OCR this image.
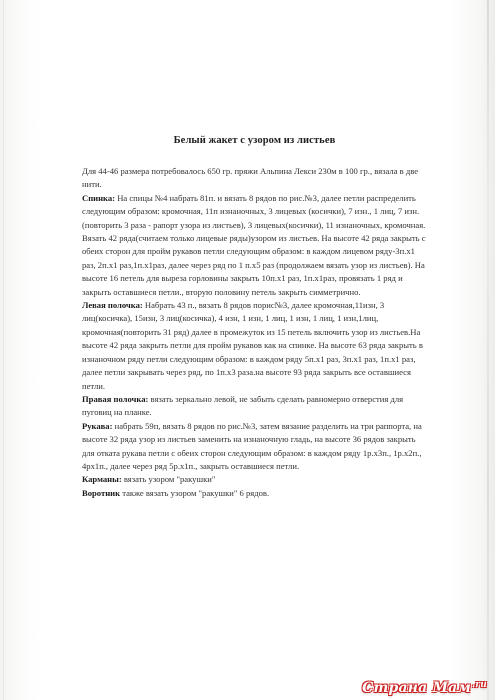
Белый жакет с узором из листьев

Для 44-46 размера потребовалось 650 гр. пряжи Альпина Лекси 230м в 100 гр., вязала в две нити.

Спинка: На спицы №4 набрать 81п. и вязать 8 рядов по рис.№3, далее петли распределить следующим образом: кромочная, 11п изнаночных, 3 лицевых (косички), 7 изн., 1 лиц, 7 изн. (повторить 3 раза - рапорт узора из листьев), 3 лицевых(косички), 11 изнаночных, кромочная. Вязать 42 ряда(считаем только лицевые ряды)узором из листьев. На высоте 42 ряда закрыть с обеих сторон для пройм рукавов петли следующим образом: в каждом лицевом ряду-3п.х1 раз, 2п.х1 раз,1п.х1раз, далее через ряд по 1 п.х5 раз (продолжаем вязать узор из листьев). На высоте 16 петель для выреза горловины закрыть 10п.х1 раз, 1п.х1раз, провязать 1 ряд и закрыть оставшиеся петли., вторую половину петель закрыть симметрично.

Левая полочка: Набрать 43 п., вязать 8 рядов порис№3, далее кромочная,11изн, 3 лиц(косичка), 15изн, 3 лиц(косичка), 4 изн, 1 изн, 1 лиц, 1 изн, 1 лиц, 1 изн,1лиц, кромочная(повторить 31 ряд) далее в промежуток из 15 петель включить узор из листьев.На высоте 42 ряда закрыть петли для пройм рукавов как на спинке. На высоте 63 ряда закрыть в изнаночном ряду петли следующим образом: в каждом ряду 5п.х1 раз, 3п.х1 раз, 1п.х1 раз, далее петли закрывать через ряд, по 1п.х3 раза.на высоте 93 ряда закрыть все оставшиеся петли.

Правая полочка: вязать зеркально левой, не забыть сделать равномерно отверстия для пуговиц на планке.

Рукава: набрать 59п, вязать 8 рядов по рис.№3, затем вязание разделить на три раппорта, на высоте 32 ряда узор из листьев заменить на изнаночную гладь, на высоте 36 рядов закрыть для откатa рукава петли с обеих сторон следующим образом: в каждом ряду 1р.х3п., 1р.х2п., 4рх1п., далее через ряд 5р.х1п., закрыть оставшиеся петли.

Карманы: вязать узором "ракушки"

Воротник также вязать узором "ракушки" 6 рядов.

Страна Мам$^{.ru}$
